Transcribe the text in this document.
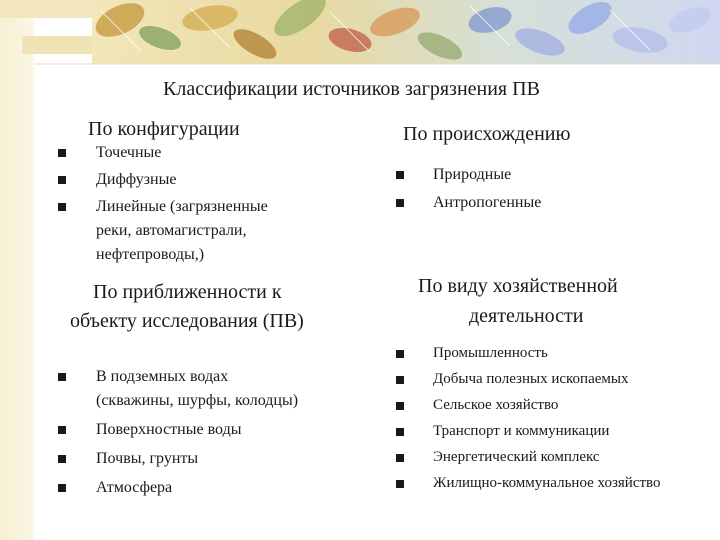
Классификации источников загрязнения ПВ
По конфигурации
Точечные
Диффузные
Линейные (загрязненные
реки, автомагистрали,
нефтепроводы,)
По происхождению
Природные
Антропогенные
По приближенности к
объекту исследования (ПВ)
В подземных водах
(скважины, шурфы, колодцы)
Поверхностные воды
Почвы, грунты
Атмосфера
По виду хозяйственной
деятельности
Промышленность
Добыча полезных ископаемых
Сельское хозяйство
Транспорт и коммуникации
Энергетический комплекс
Жилищно-коммунальное хозяйство
